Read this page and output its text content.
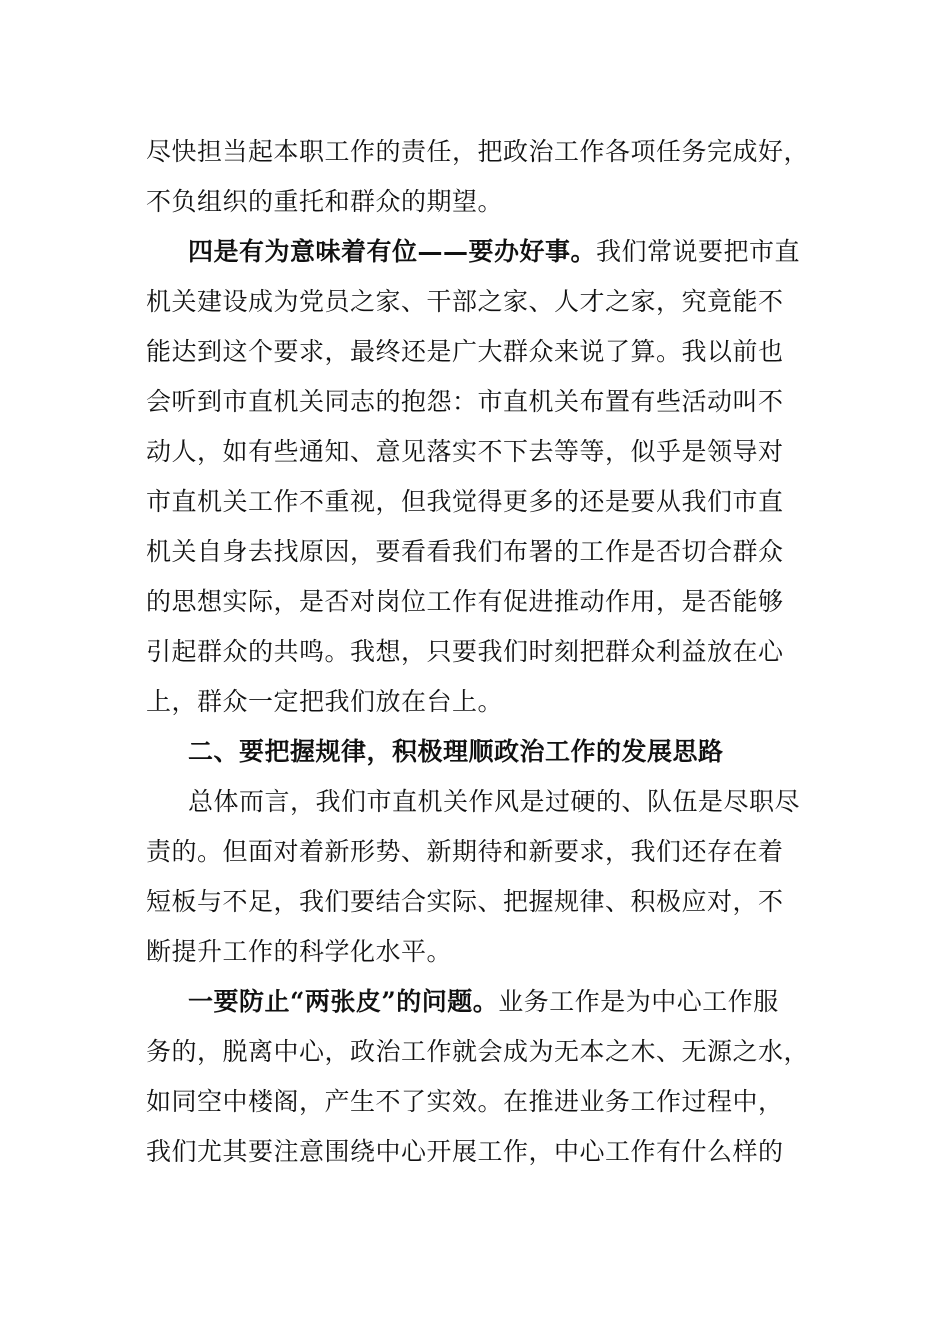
尽快担当起本职工作的责任，把政治工作各项任务完成好，
不负组织的重托和群众的期望。
四是有为意味着有位——要办好事。我们常说要把市直
机关建设成为党员之家、干部之家、人才之家，究竟能不
能达到这个要求，最终还是广大群众来说了算。我以前也
会听到市直机关同志的抱怨：市直机关布置有些活动叫不
动人，如有些通知、意见落实不下去等等，似乎是领导对
市直机关工作不重视，但我觉得更多的还是要从我们市直
机关自身去找原因，要看看我们布署的工作是否切合群众
的思想实际，是否对岗位工作有促进推动作用，是否能够
引起群众的共鸣。我想，只要我们时刻把群众利益放在心
上，群众一定把我们放在台上。
二、要把握规律，积极理顺政治工作的发展思路
总体而言，我们市直机关作风是过硬的、队伍是尽职尽
责的。但面对着新形势、新期待和新要求，我们还存在着
短板与不足，我们要结合实际、把握规律、积极应对，不
断提升工作的科学化水平。
一要防止“两张皮”的问题。业务工作是为中心工作服
务的，脱离中心，政治工作就会成为无本之木、无源之水，
如同空中楼阁，产生不了实效。在推进业务工作过程中，
我们尤其要注意围绕中心开展工作，中心工作有什么样的
